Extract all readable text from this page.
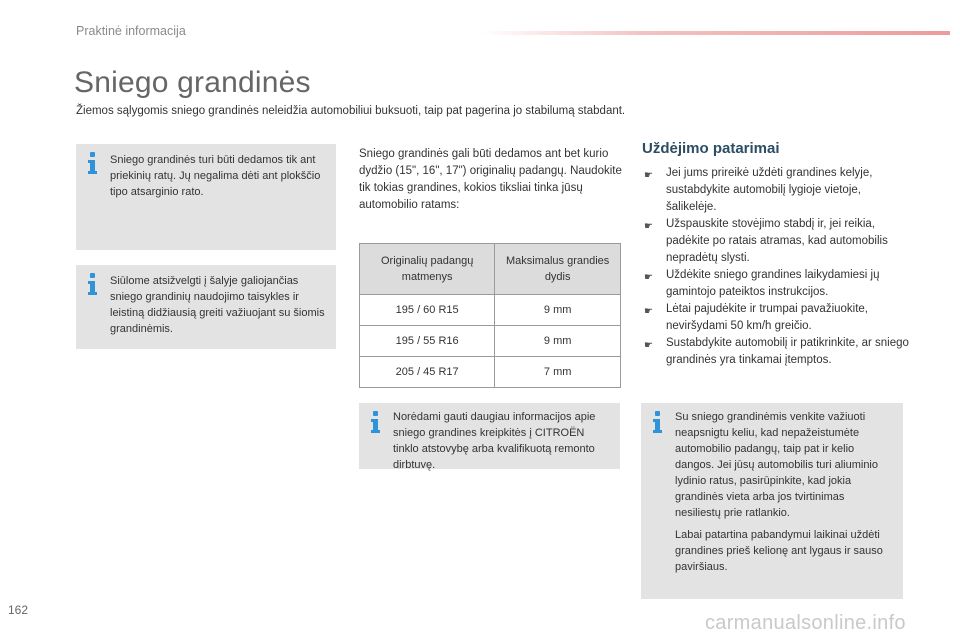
Praktinė informacija
Sniego grandinės
Žiemos sąlygomis sniego grandinės neleidžia automobiliui buksuoti, taip pat pagerina jo stabilumą stabdant.

Sniego grandinės turi būti dedamos tik ant priekinių ratų. Jų negalima dėti ant plokščio tipo atsarginio rato.

Siūlome atsižvelgti į šalyje galiojančias sniego grandinių naudojimo taisykles ir leistiną didžiausią greiti važiuojant su šiomis grandinėmis.

Sniego grandinės gali būti dedamos ant bet kurio dydžio (15", 16", 17") originalių padangų. Naudokite tik tokias grandines, kokios tiksliai tinka jūsų automobilio ratams:
Originalių padangų matmenys	Maksimalus grandies dydis
195 / 60 R15	9 mm
195 / 55 R16	9 mm
205 / 45 R17	7 mm

Norėdami gauti daugiau informacijos apie sniego grandines kreipkitės į CITROËN tinklo atstovybę arba kvalifikuotą remonto dirbtuvę.

Uždėjimo patarimai
☛ Jei jums prireikė uždėti grandines kelyje, sustabdykite automobilį lygioje vietoje, šalikelėje.
☛ Užspauskite stovėjimo stabdį ir, jei reikia, padėkite po ratais atramas, kad automobilis nepradėtų slysti.
☛ Uždėkite sniego grandines laikydamiesi jų gamintojo pateiktos instrukcijos.
☛ Lėtai pajudėkite ir trumpai pavažiuokite, neviršydami 50 km/h greičio.
☛ Sustabdykite automobilį ir patikrinkite, ar sniego grandinės yra tinkamai įtemptos.

Su sniego grandinėmis venkite važiuoti neapsnigtu keliu, kad nepažeistumėte automobilio padangų, taip pat ir kelio dangos. Jei jūsų automobilis turi aliuminio lydinio ratus, pasirūpinkite, kad jokia grandinės vieta arba jos tvirtinimas nesiliestų prie ratlankio.

Labai patartina pabandymui laikinai uždėti grandines prieš kelionę ant lygaus ir sauso paviršiaus.

162
carmanualsonline.info
